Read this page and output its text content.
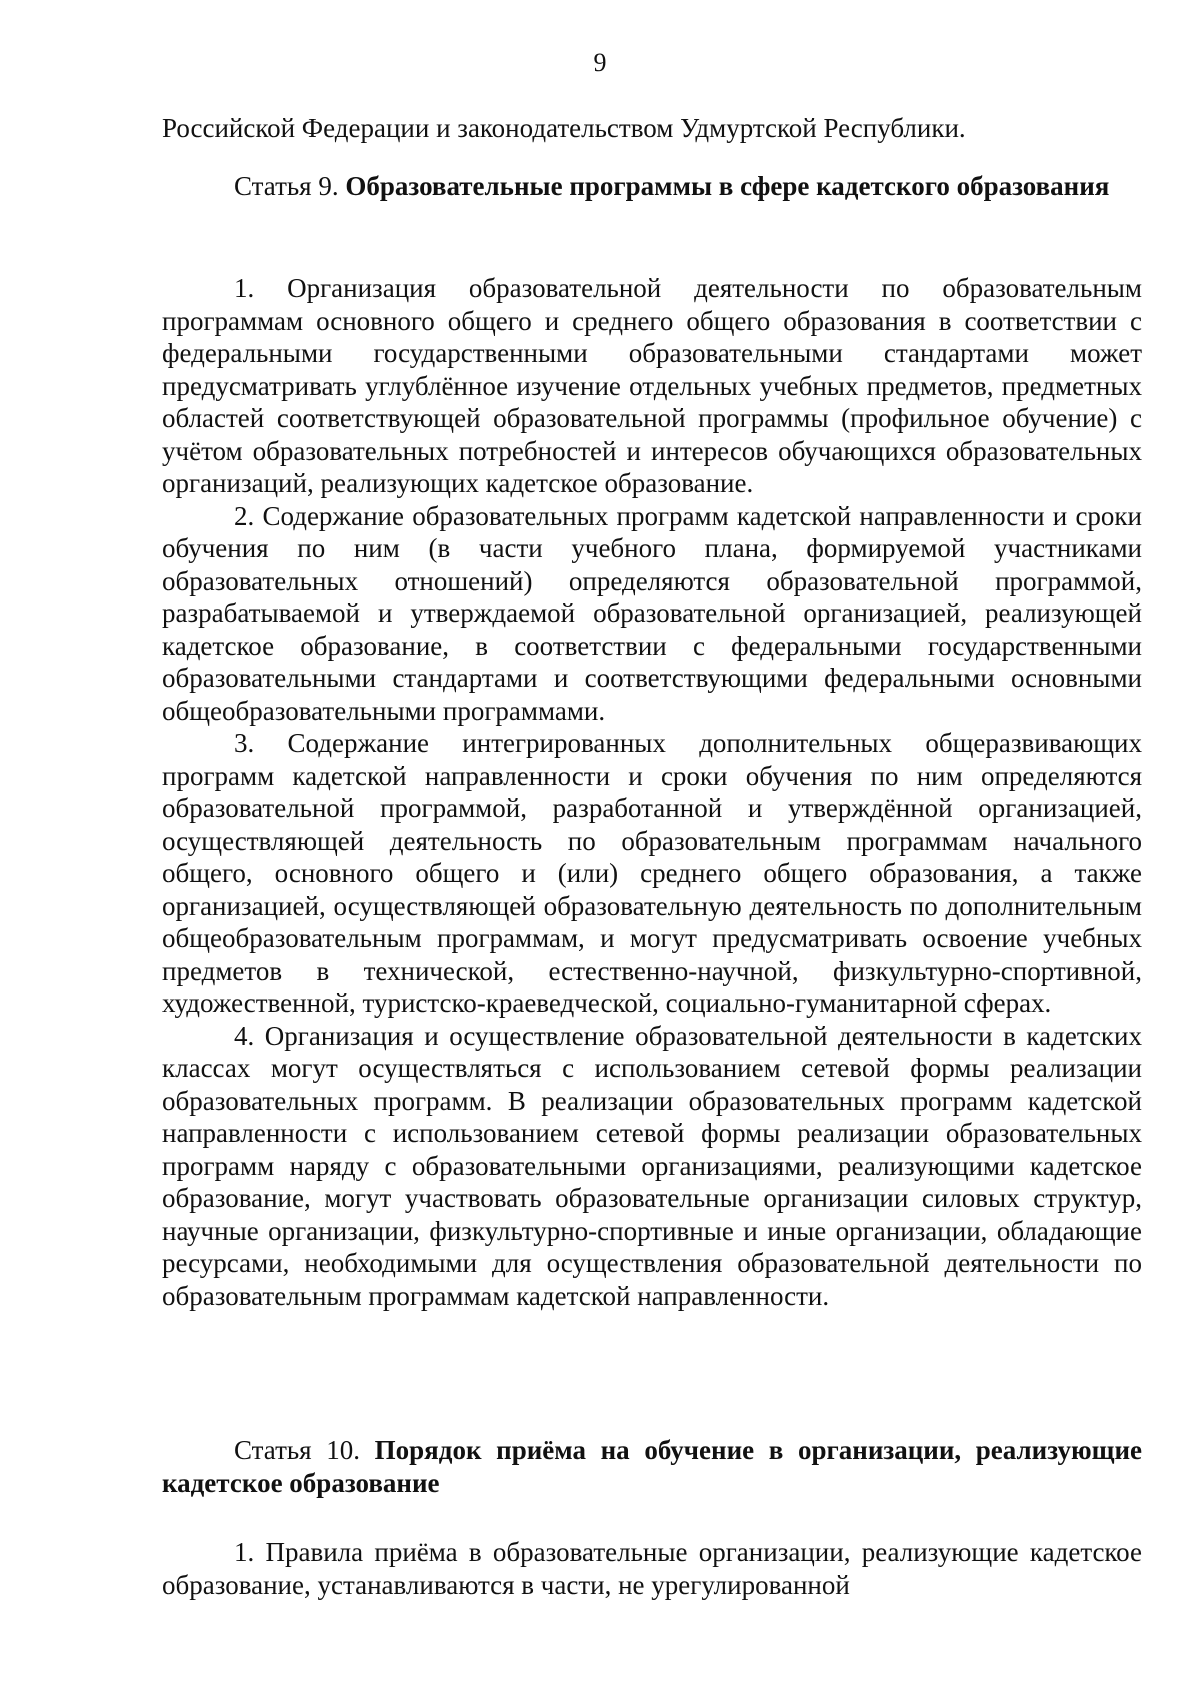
9

Российской Федерации и законодательством Удмуртской Республики.

Статья 9. Образовательные программы в сфере кадетского образования

1. Организация образовательной деятельности по образовательным программам основного общего и среднего общего образования в соответствии с федеральными государственными образовательными стандартами может предусматривать углублённое изучение отдельных учебных предметов, предметных областей соответствующей образовательной программы (профильное обучение) с учётом образовательных потребностей и интересов обучающихся образовательных организаций, реализующих кадетское образование.

2. Содержание образовательных программ кадетской направленности и сроки обучения по ним (в части учебного плана, формируемой участниками образовательных отношений) определяются образовательной программой, разрабатываемой и утверждаемой образовательной организацией, реализующей кадетское образование, в соответствии с федеральными государственными образовательными стандартами и соответствующими федеральными основными общеобразовательными программами.

3. Содержание интегрированных дополнительных общеразвивающих программ кадетской направленности и сроки обучения по ним определяются образовательной программой, разработанной и утверждённой организацией, осуществляющей деятельность по образовательным программам начального общего, основного общего и (или) среднего общего образования, а также организацией, осуществляющей образовательную деятельность по дополнительным общеобразовательным программам, и могут предусматривать освоение учебных предметов в технической, естественно-научной, физкультурно-спортивной, художественной, туристско-краеведческой, социально-гуманитарной сферах.

4. Организация и осуществление образовательной деятельности в кадетских классах могут осуществляться с использованием сетевой формы реализации образовательных программ. В реализации образовательных программ кадетской направленности с использованием сетевой формы реализации образовательных программ наряду с образовательными организациями, реализующими кадетское образование, могут участвовать образовательные организации силовых структур, научные организации, физкультурно-спортивные и иные организации, обладающие ресурсами, необходимыми для осуществления образовательной деятельности по образовательным программам кадетской направленности.

Статья 10. Порядок приёма на обучение в организации, реализующие кадетское образование

1. Правила приёма в образовательные организации, реализующие кадетское образование, устанавливаются в части, не урегулированной
